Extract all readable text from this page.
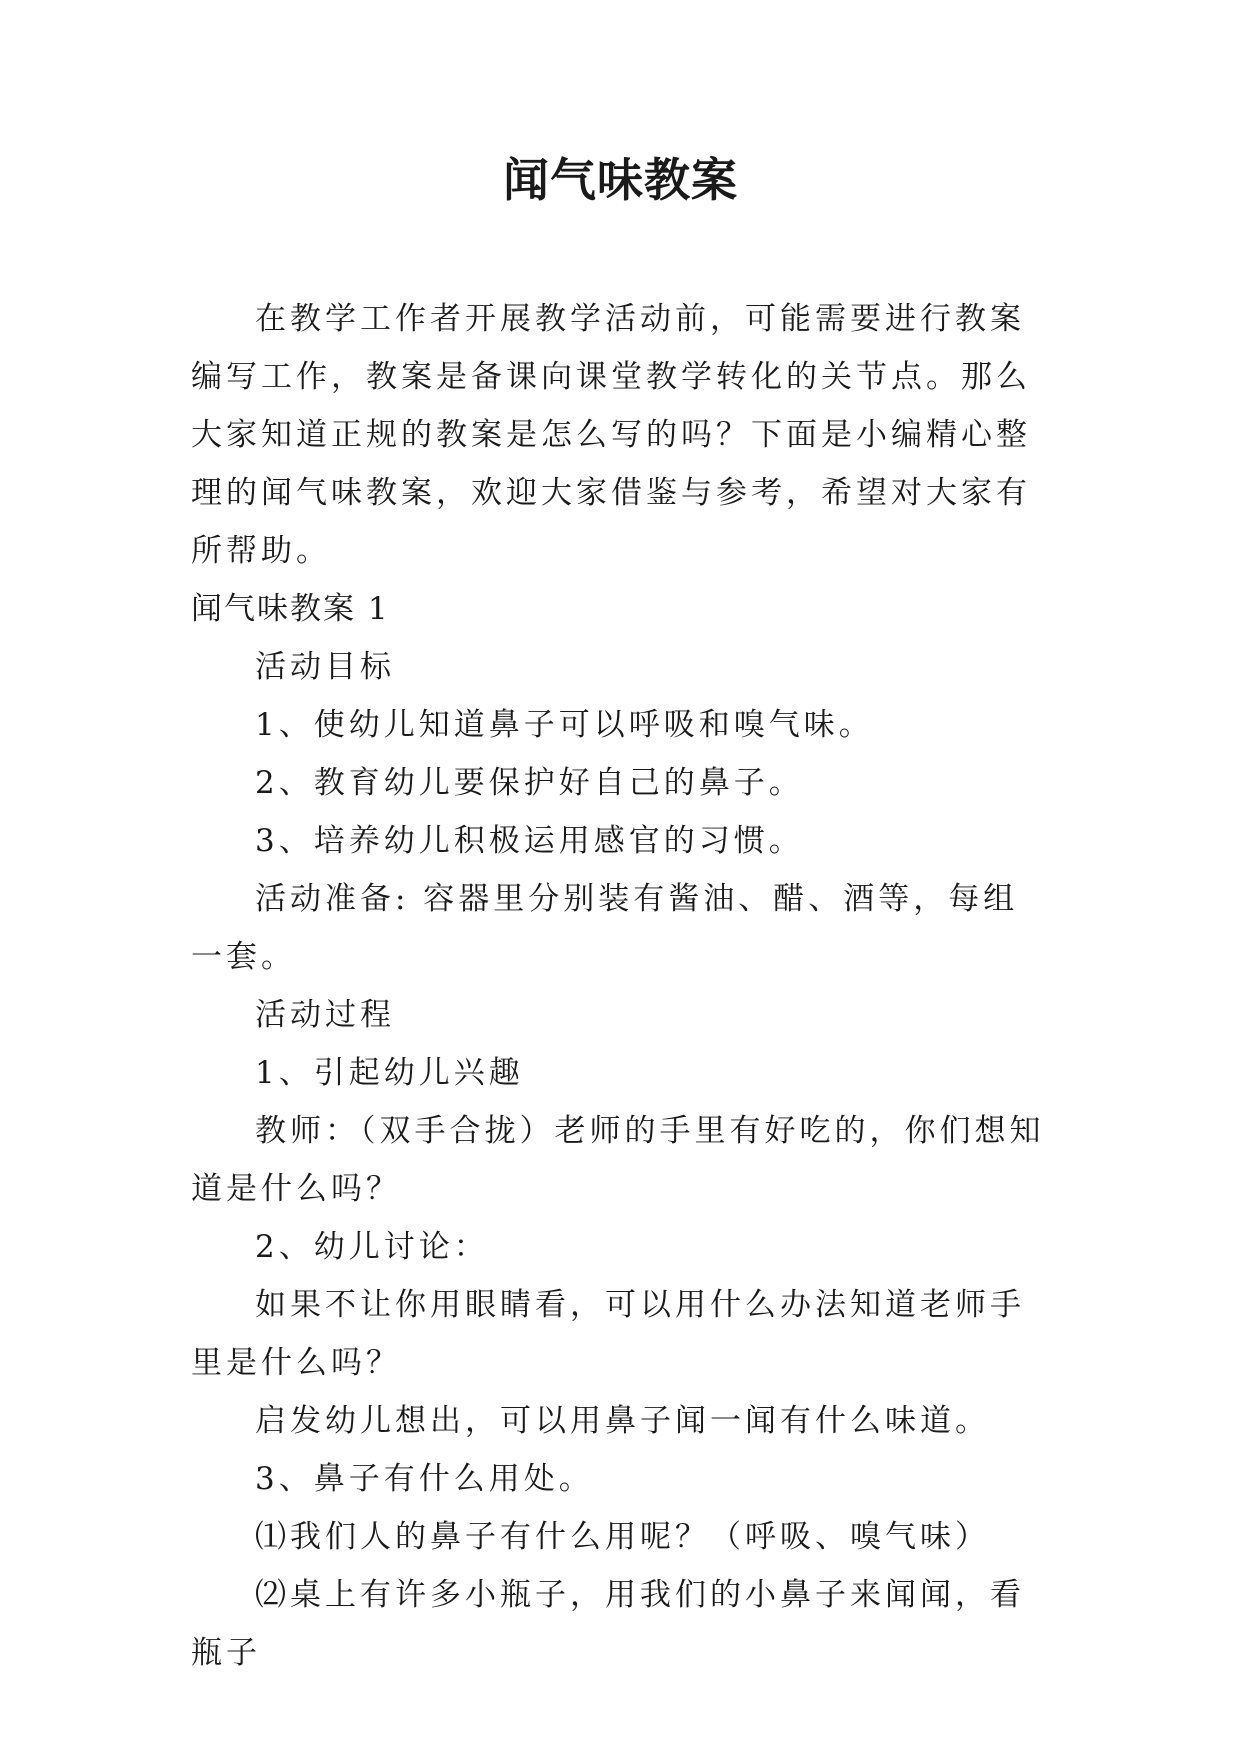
闻气味教案

在教学工作者开展教学活动前，可能需要进行教案编写工作，教案是备课向课堂教学转化的关节点。那么大家知道正规的教案是怎么写的吗？下面是小编精心整理的闻气味教案，欢迎大家借鉴与参考，希望对大家有所帮助。

闻气味教案 1

活动目标

1、使幼儿知道鼻子可以呼吸和嗅气味。

2、教育幼儿要保护好自己的鼻子。

3、培养幼儿积极运用感官的习惯。

活动准备: 容器里分别装有酱油、醋、酒等，每组一套。

活动过程

1、引起幼儿兴趣

教师：（双手合拢）老师的手里有好吃的，你们想知道是什么吗？

2、幼儿讨论：

如果不让你用眼睛看，可以用什么办法知道老师手里是什么吗？

启发幼儿想出，可以用鼻子闻一闻有什么味道。

3、鼻子有什么用处。

⑴我们人的鼻子有什么用呢？（呼吸、嗅气味）

⑵桌上有许多小瓶子，用我们的小鼻子来闻闻，看瓶子
